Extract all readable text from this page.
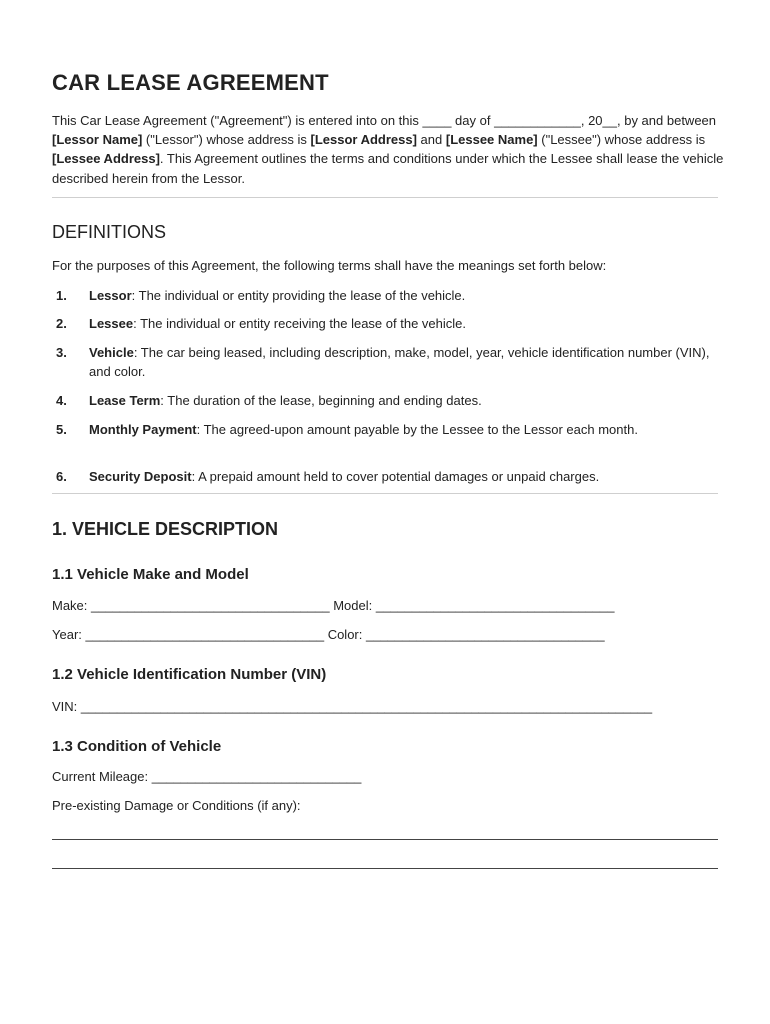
CAR LEASE AGREEMENT

This Car Lease Agreement ("Agreement") is entered into on this ____ day of ____________, 20__, by and between [Lessor Name] ("Lessor") whose address is [Lessor Address] and [Lessee Name] ("Lessee") whose address is [Lessee Address]. This Agreement outlines the terms and conditions under which the Lessee shall lease the vehicle described herein from the Lessor.

DEFINITIONS

For the purposes of this Agreement, the following terms shall have the meanings set forth below:

1. Lessor: The individual or entity providing the lease of the vehicle.
2. Lessee: The individual or entity receiving the lease of the vehicle.
3. Vehicle: The car being leased, including description, make, model, year, vehicle identification number (VIN), and color.
4. Lease Term: The duration of the lease, beginning and ending dates.
5. Monthly Payment: The agreed-upon amount payable by the Lessee to the Lessor each month.
6. Security Deposit: A prepaid amount held to cover potential damages or unpaid charges.
1. VEHICLE DESCRIPTION
1.1 Vehicle Make and Model

Make: _________________________________ Model: _________________________________

Year: _________________________________ Color: _________________________________

1.2 Vehicle Identification Number (VIN)

VIN: _______________________________________________________________________________

1.3 Condition of Vehicle

Current Mileage: _____________________________

Pre-existing Damage or Conditions (if any):
